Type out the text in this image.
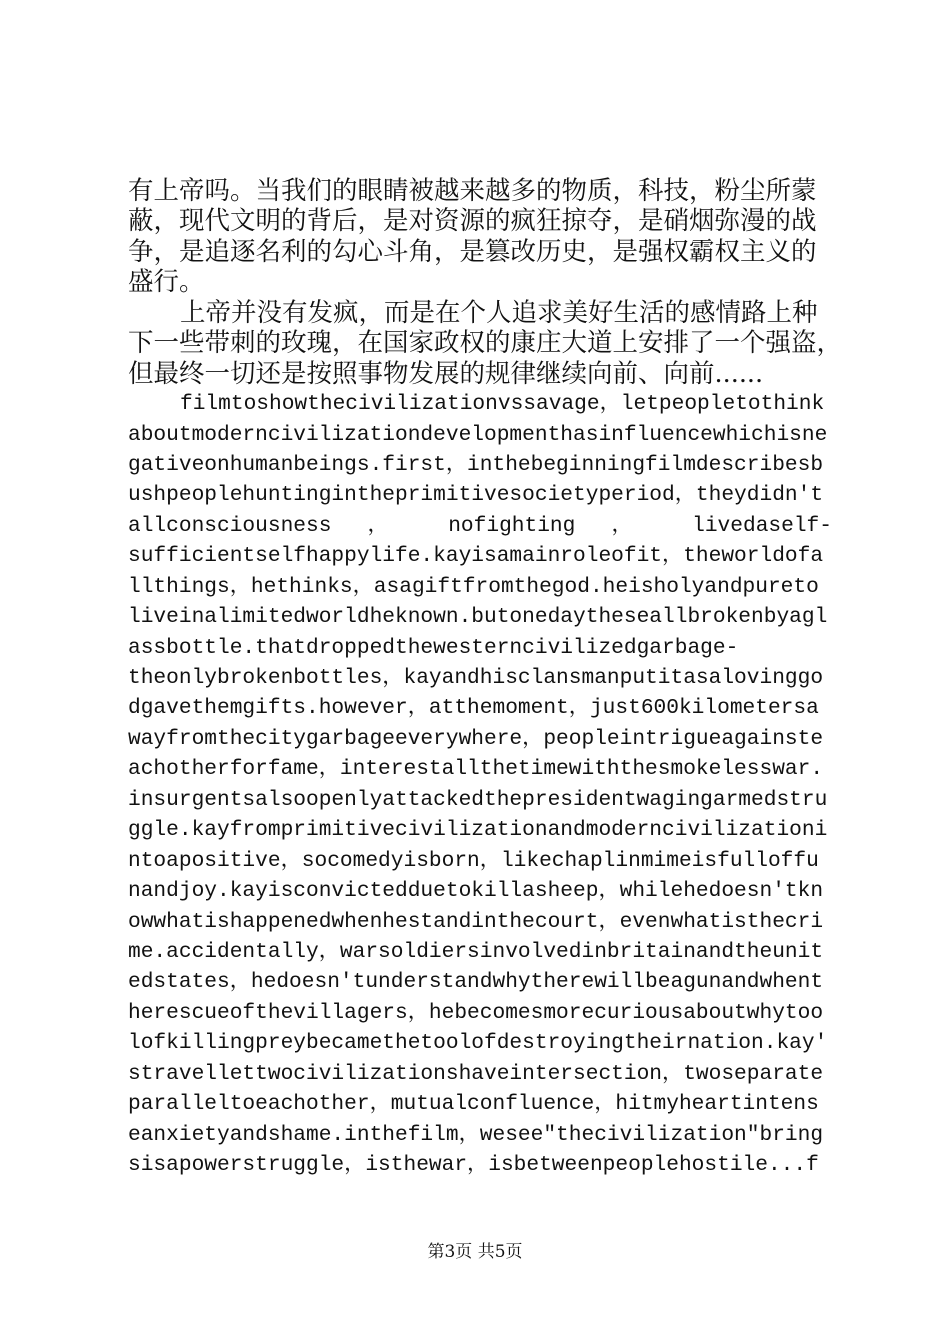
有上帝吗。当我们的眼睛被越来越多的物质，科技，粉尘所蒙
蔽，现代文明的背后，是对资源的疯狂掠夺，是硝烟弥漫的战
争，是追逐名利的勾心斗角，是篡改历史，是强权霸权主义的
盛行。
上帝并没有发疯，而是在个人追求美好生活的感情路上种
下一些带刺的玫瑰，在国家政权的康庄大道上安排了一个强盗，
但最终一切还是按照事物发展的规律继续向前、向前......
filmtoshowthecivilizationvssavage，letpeopletothink
aboutmoderncivilizationdevelopmenthasinfluencewhichisne
gativeonhumanbeings.first，inthebeginningfilmdescribesb
ushpeoplehuntingintheprimitivesocietyperiod，theydidn't
allconsciousness ， nofighting ， livedaself-
sufficientselfhappylife.kayisamainroleofit，theworldofa
llthings，hethinks，asagiftfromthegod.heisholyandpureto
liveinalimitedworldheknown.butonedaytheseallbrokenbyagl
assbottle.thatdroppedthewesterncivilizedgarbage-
theonlybrokenbottles，kayandhisclansmanputitasalovinggo
dgavethemgifts.however，atthemoment，just600kilometersa
wayfromthecitygarbageeverywhere，peopleintrigueagainste
achotherforfame，interestallthetimewiththesmokelesswar.
insurgentsalsoopenlyattackedthepresidentwagingarmedstru
ggle.kayfromprimitivecivilizationandmoderncivilizationi
ntoapositive，socomedyisborn，likechaplinmimeisfulloffu
nandjoy.kayisconvictedduetokillasheep，whilehedoesn'tkn
owwhatishappenedwhenhestandinthecourt，evenwhatisthecri
me.accidentally，warsoldiersinvolvedinbritainandtheunit
edstates，hedoesn'tunderstandwhytherewillbeagunandwhent
herescueofthevillagers，hebecomesmorecuriousaboutwhytoo
lofkillingpreybecamethetoolofdestroyingtheirnation.kay'
stravellettwocivilizationshaveintersection，twoseparate
paralleltoeachother，mutualconfluence，hitmyheartintens
eanxietyandshame.inthefilm，wesee"thecivilization"bring
sisapowerstruggle，isthewar，isbetweenpeoplehostile...f
第3页 共5页
